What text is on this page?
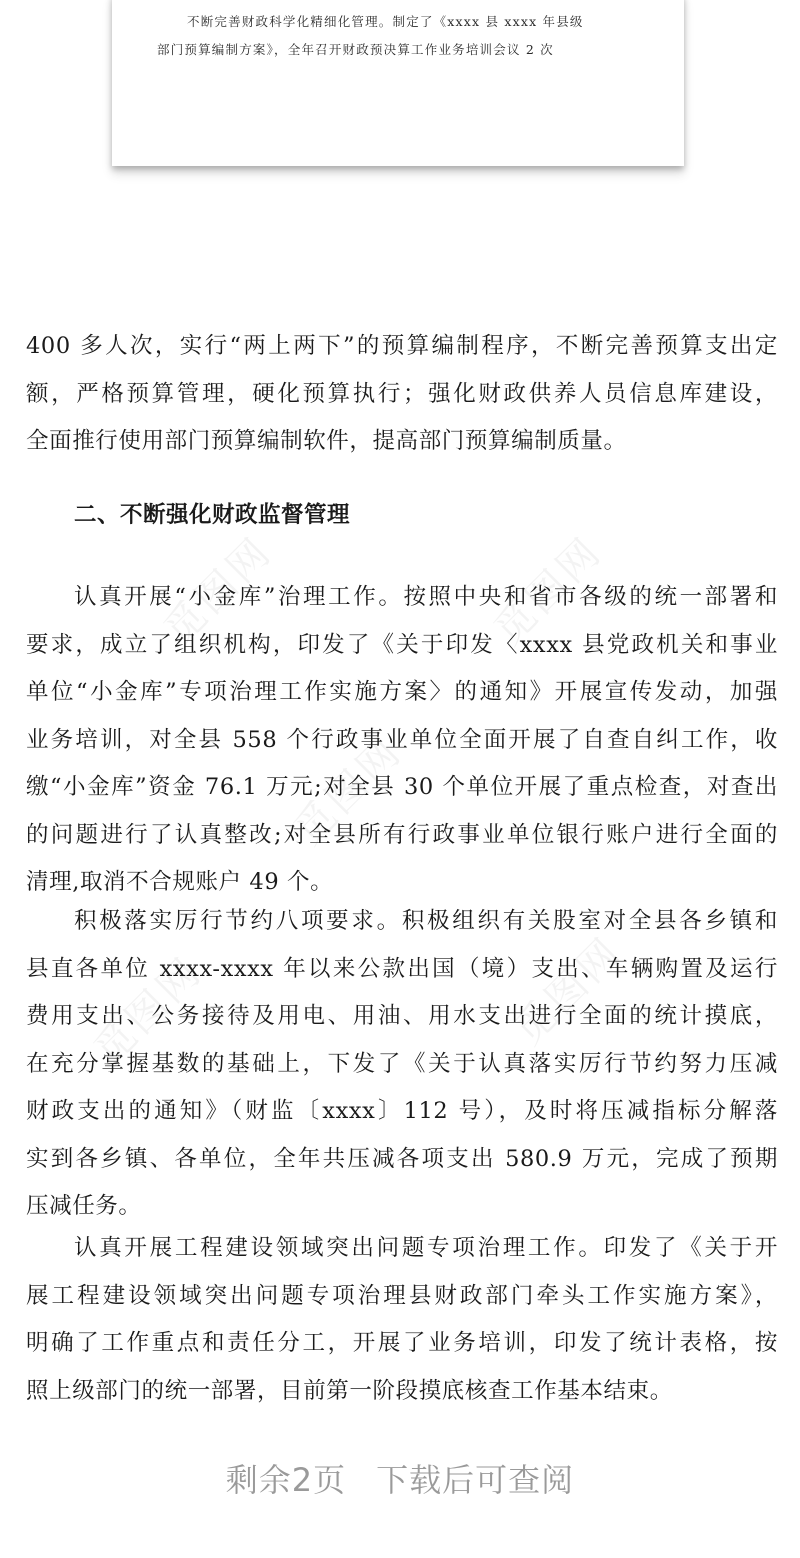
觅图网	觅图网
觅图网
觅图网	觅图网
不断完善财政科学化精细化管理。制定了《xxxx 县 xxxx 年县级
部门预算编制方案》，全年召开财政预决算工作业务培训会议 2 次
400 多人次，实行“两上两下”的预算编制程序，不断完善预算支出定
额，严格预算管理，硬化预算执行；强化财政供养人员信息库建设，
全面推行使用部门预算编制软件，提高部门预算编制质量。
二、不断强化财政监督管理
认真开展“小金库”治理工作。按照中央和省市各级的统一部署和
要求，成立了组织机构，印发了《关于印发〈xxxx 县党政机关和事业
单位“小金库”专项治理工作实施方案〉的通知》开展宣传发动，加强
业务培训，对全县 558 个行政事业单位全面开展了自查自纠工作，收
缴“小金库”资金 76.1 万元;对全县 30 个单位开展了重点检查，对查出
的问题进行了认真整改;对全县所有行政事业单位银行账户进行全面的
清理,取消不合规账户 49 个。
积极落实厉行节约八项要求。积极组织有关股室对全县各乡镇和
县直各单位 xxxx-xxxx 年以来公款出国（境）支出、车辆购置及运行
费用支出、公务接待及用电、用油、用水支出进行全面的统计摸底，
在充分掌握基数的基础上，下发了《关于认真落实厉行节约努力压减
财政支出的通知》（财监〔xxxx〕112 号），及时将压减指标分解落
实到各乡镇、各单位，全年共压减各项支出 580.9 万元，完成了预期
压减任务。
认真开展工程建设领域突出问题专项治理工作。印发了《关于开
展工程建设领域突出问题专项治理县财政部门牵头工作实施方案》，
明确了工作重点和责任分工，开展了业务培训，印发了统计表格，按
照上级部门的统一部署，目前第一阶段摸底核查工作基本结束。
剩余2页 下载后可查阅
